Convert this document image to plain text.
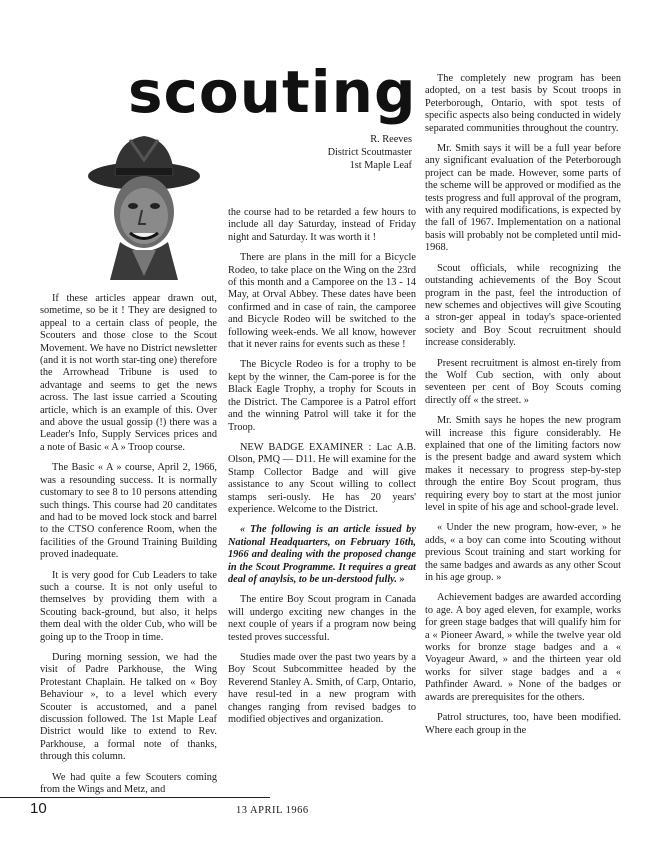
scouting
R. Reeves
District Scoutmaster
1st Maple Leaf

If these articles appear drawn out, sometime, so be it ! They are designed to appeal to a certain class of people, the Scouters and those close to the Scout Movement. We have no District newsletter (and it is not worth star-ting one) therefore the Arrowhead Tribune is used to advantage and seems to get the news across. The last issue carried a Scouting article, which is an example of this. Over and above the usual gossip (!) there was a Leader's Info, Supply Services prices and a note of Basic « A » Troop course.

The Basic « A » course, April 2, 1966, was a resounding success. It is normally customary to see 8 to 10 persons attending such things. This course had 20 canditates and had to be moved lock stock and barrel to the CTSO conference Room, when the facilities of the Ground Training Building proved inadequate.

It is very good for Cub Leaders to take such a course. It is not only useful to themselves by providing them with a Scouting back-ground, but also, it helps them deal with the older Cub, who will be going up to the Troop in time.

During morning session, we had the visit of Padre Parkhouse, the Wing Protestant Chaplain. He talked on « Boy Behaviour », to a level which every Scouter is accustomed, and a panel discussion followed. The 1st Maple Leaf District would like to extend to Rev. Parkhouse, a formal note of thanks, through this column.

We had quite a few Scouters coming from the Wings and Metz, and

the course had to be retarded a few hours to include all day Saturday, instead of Friday night and Saturday. It was worth it !

There are plans in the mill for a Bicycle Rodeo, to take place on the Wing on the 23rd of this month and a Camporee on the 13 - 14 May, at Orval Abbey. These dates have been confirmed and in case of rain, the camporee and Bicycle Rodeo will be switched to the following week-ends. We all know, however that it never rains for events such as these !

The Bicycle Rodeo is for a trophy to be kept by the winner, the Cam-poree is for the Black Eagle Trophy, a trophy for Scouts in the District. The Camporee is a Patrol effort and the winning Patrol will take it for the Troop.

NEW BADGE EXAMINER : Lac A.B. Olson, PMQ — D11. He will examine for the Stamp Collector Badge and will give assistance to any Scout willing to collect stamps seri-ously. He has 20 years' experience. Welcome to the District.

« The following is an article issued by National Headquarters, on February 16th, 1966 and dealing with the proposed change in the Scout Programme. It requires a great deal of anaylsis, to be un-derstood fully. »

The entire Boy Scout program in Canada will undergo exciting new changes in the next couple of years if a program now being tested proves successful.

Studies made over the past two years by a Boy Scout Subcommittee headed by the Reverend Stanley A. Smith, of Carp, Ontario, have resul-ted in a new program with changes ranging from revised badges to modified objectives and organization.

The completely new program has been adopted, on a test basis by Scout troops in Peterborough, Ontario, with spot tests of specific aspects also being conducted in widely separated communities throughout the country.

Mr. Smith says it will be a full year before any significant evaluation of the Peterborough project can be made. However, some parts of the scheme will be approved or modified as the tests progress and full approval of the program, with any required modifications, is expected by the fall of 1967. Implementation on a national basis will probably not be completed until mid-1968.

Scout officials, while recognizing the outstanding achievements of the Boy Scout program in the past, feel the introduction of new schemes and objectives will give Scouting a stron-ger appeal in today's space-oriented society and Boy Scout recruitment should increase considerably.

Present recruitment is almost en-tirely from the Wolf Cub section, with only about seventeen per cent of Boy Scouts coming directly off « the street. »

Mr. Smith says he hopes the new program will increase this figure considerably. He explained that one of the limiting factors now is the present badge and award system which makes it necessary to progress step-by-step through the entire Boy Scout program, thus requiring every boy to start at the most junior level in spite of his age and school-grade level.

« Under the new program, how-ever, » he adds, « a boy can come into Scouting without previous Scout training and start working for the same badges and awards as any other Scout in his age group. »

Achievement badges are awarded according to age. A boy aged eleven, for example, works for green stage badges that will qualify him for a « Pioneer Award, » while the twelve year old works for bronze stage badges and a « Voyageur Award, » and the thirteen year old works for silver stage badges and a « Pathfinder Award. » None of the badges or awards are prerequisites for the others.

Patrol structures, too, have been modified. Where each group in the

10	13 APRIL 1966
